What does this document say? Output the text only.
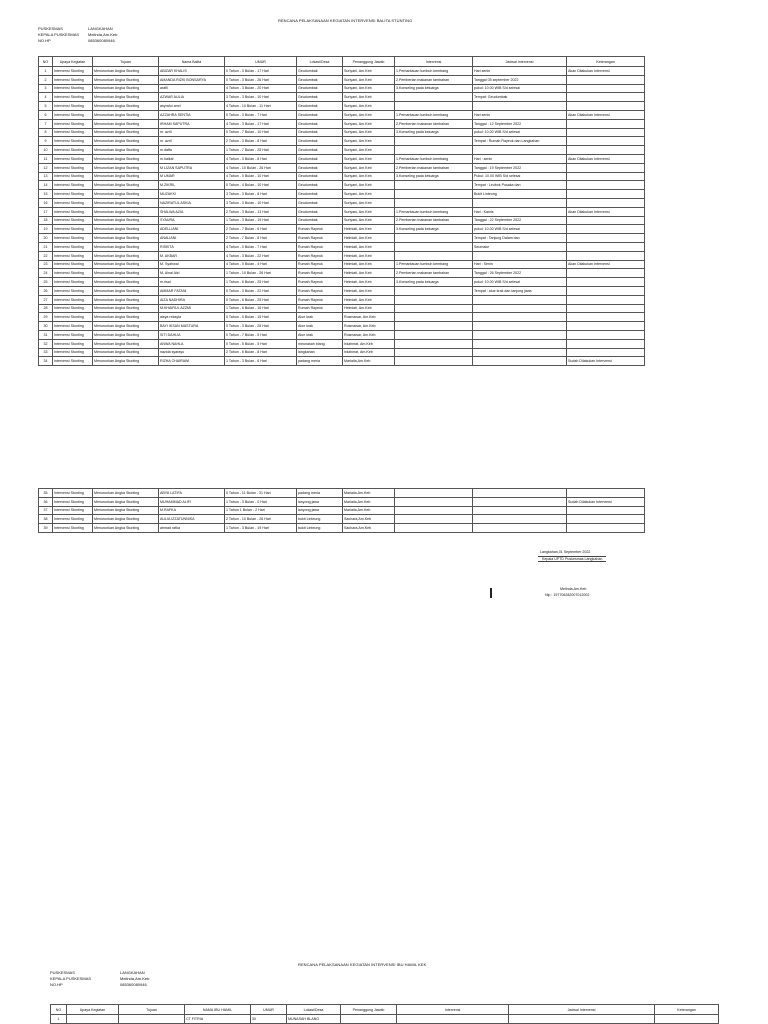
RENCANA PELAKSANAAN KEGIATAN INTERVENSI BALITA STUNTING
PUSKESMAS	LANGKAHAN
KEPALA PUSKESMAS Melinda,Am.Keb
NO.HP	085360080946
NO	Upaya Kegiatan	Tujuan	Nama Balita	UMUR	Lokasi/Desa	Penanggung Jawab	Intervensi	Jadwal Intervensi	Keterangan
1	Intervensi Stunting	Menurunkan Angka Stunting	ABIZAR KHALIS	0 Tahun - 3 Bulan - 17 Hari	Geudumbak	Suriyani, Am.Keb	1.Pemantauan tumbuh kembang	Hari senin	Akan Dilakukan Intervensi
2	Intervensi Stunting	Menurunkan Angka Stunting	AMANDA RIZKI BONSARYA	0 Tahun - 3 Bulan - 26 Hari	Geudumbak	Suriyani, Am.Keb	2.Pemberian makanan tambahan	Tanggal 05 september 2022	
3	Intervensi Stunting	Menurunkan Angka Stunting	arafll	4 Tahun - 3 Bulan - 20 Hari	Geudumbak	Suriyani, Am.Keb	3.Konseling pada keluarga	pukul: 10.00 WIB S/d selesai	
4	Intervensi Stunting	Menurunkan Angka Stunting	AZWAR AULIA	3 Tahun - 3 Bulan - 10 Hari	Geudumbak	Suriyani, Am.Keb		Tempat: Geudumbak	
5	Intervensi Stunting	Menurunkan Angka Stunting	asyraful amri	4 Tahun - 10 Bulan - 11 Hari	Geudumbak	Suriyani, Am.Keb			
6	Intervensi Stunting	Menurunkan Angka Stunting	AZZAHRA SENTIA	0 Tahun - 3 Bulan - 7 Hari	Geudumbak	Suriyani, Am.Keb	1.Pemantauan tumbuh kembang	Hari senin	Akan Dilakukan Intervensi
7	Intervensi Stunting	Menurunkan Angka Stunting	IRHAM SAPUTRA	4 Tahun - 3 Bulan - 17 Hari	Geudumbak	Suriyani, Am.Keb	2.Pemberian makanan tambahan	Tanggal : 12 September 2022	
8	Intervensi Stunting	Menurunkan Angka Stunting	m. azril	0 Tahun - 7 Bulan - 10 Hari	Geudumbak	Suriyani, Am.Keb	3.Konseling pada keluarga	pukul: 10.00 WIB S/d selesai	
9	Intervensi Stunting	Menurunkan Angka Stunting	m. azril	2 Tahun - 3 Bulan - 8 Hari	Geudumbak	Suriyani, Am.Keb		Tempat : Rumah Rayeuk dan Langkahan	
10	Intervensi Stunting	Menurunkan Angka Stunting	m.daffa	1 Tahun - 7 Bulan - 25 Hari	Geudumbak	Suriyani, Am.Keb			
11	Intervensi Stunting	Menurunkan Angka Stunting	m.haikal	4 Tahun - 3 Bulan - 8 Hari	Geudumbak	Suriyani, Am.Keb	1.Pemantauan tumbuh kembang	Hari : senin	Akan Dilakukan Intervensi
12	Intervensi Stunting	Menurunkan Angka Stunting	M LIZAN SAPUTRA	4 Tahun - 10 Bulan - 26 Hari	Geudumbak	Suriyani, Am.Keb	2.Pemberian makanan tambahan	Tanggal : 19 September 2022	
13	Intervensi Stunting	Menurunkan Angka Stunting	M UMAR	4 Tahun - 0 Bulan - 10 Hari	Geudumbak	Suriyani, Am.Keb	3.Konseling pada keluarga	Pukul: 10.00 WIB S/d selesai	
14	Intervensi Stunting	Menurunkan Angka Stunting	M.ZIKRIL	0 Tahun - 4 Bulan - 10 Hari	Geudumbak	Suriyani, Am.Keb		Tempat : Leubok Pusaka dan	
15	Intervensi Stunting	Menurunkan Angka Stunting	MUZAKKI	3 Tahun - 3 Bulan - 8 Hari	Geudumbak	Suriyani, Am.Keb		Bukit Linteung	
16	Intervensi Stunting	Menurunkan Angka Stunting	NAZIRATUL ASKIA	3 Tahun - 3 Bulan - 10 Hari	Geudumbak	Suriyani, Am.Keb			
17	Intervensi Stunting	Menurunkan Angka Stunting	SHALWA AZIA	2 Tahun - 3 Bulan - 13 Hari	Geudumbak	Suriyani, Am.Keb	1.Pemantauan tumbuh kembang	Hari : Kamis	Akan Dilakukan Intervensi
18	Intervensi Stunting	Menurunkan Angka Stunting	SYAURA	1 Tahun - 3 Bulan - 19 Hari	Geudumbak	Suriyani, Am.Keb	2.Pemberian makanan tambahan	Tanggal : 22 September 2022	
19	Intervensi Stunting	Menurunkan Angka Stunting	ADELLIANI	2 Tahun - 7 Bulan - 6 Hari	Rumah Rayeuk	Helmiati, Am.Keb	3.Konseling pada keluarga	pukul: 10.00 WIB S/d selesai	
20	Intervensi Stunting	Menurunkan Angka Stunting	ANALIANI	2 Tahun - 7 Bulan - 8 Hari	Rumah Rayeuk	Helmiati, Am.Keb		Tempat : Tanjung Dalam dan	
21	Intervensi Stunting	Menurunkan Angka Stunting	RISKITA	4 Tahun - 0 Bulan - 7 Hari	Rumah Rayeuk	Helmiati, Am.Keb		Seumake	
22	Intervensi Stunting	Menurunkan Angka Stunting	M. AKBAR	4 Tahun - 3 Bulan - 22 Hari	Rumah Rayeuk	Helmiati, Am.Keb			
23	Intervensi Stunting	Menurunkan Angka Stunting	M. Syahwal	4 Tahun - 0 Bulan - 4 Hari	Rumah Rayeuk	Helmiati, Am.Keb	1.Pemantauan tumbuh kembang	Hari : Senin	Akan Dilakukan Intervensi
24	Intervensi Stunting	Menurunkan Angka Stunting	M. Alnal Aizi	1 Tahun - 10 Bulan - 26 Hari	Rumah Rayeuk	Helmiati, Am.Keb	2.Pemberian makanan tambahan	Tanggal : 26 September 2022	
25	Intervensi Stunting	Menurunkan Angka Stunting	m.risal	1 Tahun - 6 Bulan - 25 Hari	Rumah Rayeuk	Helmiati, Am.Keb	3.Konseling pada keluarga	pukul: 10.00 WIB S/d selesai	
26	Intervensi Stunting	Menurunkan Angka Stunting	AMMAR FATANI	0 Tahun - 3 Bulan - 22 Hari	Rumah Rayeuk	Helmiati, Am.Keb		Tempat : alue krak dan tanjong jawa	
27	Intervensi Stunting	Menurunkan Angka Stunting	AIZA NADHIRA	0 Tahun - 6 Bulan - 25 Hari	Rumah Rayeuk	Helmiati, Am.Keb			
28	Intervensi Stunting	Menurunkan Angka Stunting	M.KHAIRUL AZZMI	1 Tahun - 6 Bulan - 16 Hari	Rumah Rayeuk	Helmiati, Am.Keb			
29	Intervensi Stunting	Menurunkan Angka Stunting	aisya rekayla	0 Tahun - 5 Bulan - 15 Hari	Alue krak	Rosmawar, Am.Keb			
30	Intervensi Stunting	Menurunkan Angka Stunting	BAYI IKSAN MASTURA	0 Tahun - 3 Bulan - 28 Hari	Alue krak	Rosmawar, Am.Keb			
31	Intervensi Stunting	Menurunkan Angka Stunting	SITI DAHLIA	0 Tahun - 7 Bulan - 5 Hari	Alue krak	Rosmawar, Am.Keb			
32	Intervensi Stunting	Menurunkan Angka Stunting	ANWA NAHLA	0 Tahun - 5 Bulan - 5 Hari	meunasah blang	Irdahmat, Am.Keb			
33	Intervensi Stunting	Menurunkan Angka Stunting	nazida syarayu	2 Tahun - 6 Bulan - 8 Hari	langkahan	Irdahmat, Am.Keb			
34	Intervensi Stunting	Menurunkan Angka Stunting	RIZHA CHAIRAWI	1 Tahun - 3 Bulan - 6 Hari	padang meria	Marlaila,Am.Keb			Sudah Dilakukan Intervensi
35	Intervensi Stunting	Menurunkan Angka Stunting	ABYA LATIFA	0 Tahun - 11 Bulan - 31 Hari	padang meria	Marlaila,Am.Keb			
36	Intervensi Stunting	Menurunkan Angka Stunting	MUHAMMAD ALIFI	1 Tahun - 3 Bulan - 0 Hari	lanyong jawa	Marlaila,Am.Keb			Sudah Dilakukan Intervensi
37	Intervensi Stunting	Menurunkan Angka Stunting	M.RAFKA	1 Tahun 1 Bulan - 2 Hari	lanyong jawa	Marlaila,Am.Keb			
38	Intervensi Stunting	Menurunkan Angka Stunting	AULIA IZZATUNNISA	2 Tahun - 10 Bulan - 26 Hari	bukit Linteung	Sachara,Am.Keb			
39	Intervensi Stunting	Menurunkan Angka Stunting	ahmad rafka	1 Tahun - 3 Bulan - 19 Hari	bukit Linteung	Sachara,Am.Keb			
Langkahan,01 September 2022
Kepala UPTD Puskesmas Langkahan
Melinda,Am.Keb
Nip : 197706282007012002
RENCANA PELAKSANAAN KEGIATAN INTERVENSI IBU HAMIL KEK
PUSKESMAS	LANGKAHAN
KEPALA PUSKESMAS	Melinda,Am.Keb
NO.HP	085360080946
NO	Upaya Kegiatan	Tujuan	NAMA IBU HAMIL	UMUR	Lokasi/Desa	Penanggung Jawab	Intervensi	Jadwal Intervensi	Keterangan
1			CT FITRIA	30	MUNASAH BLANG				
